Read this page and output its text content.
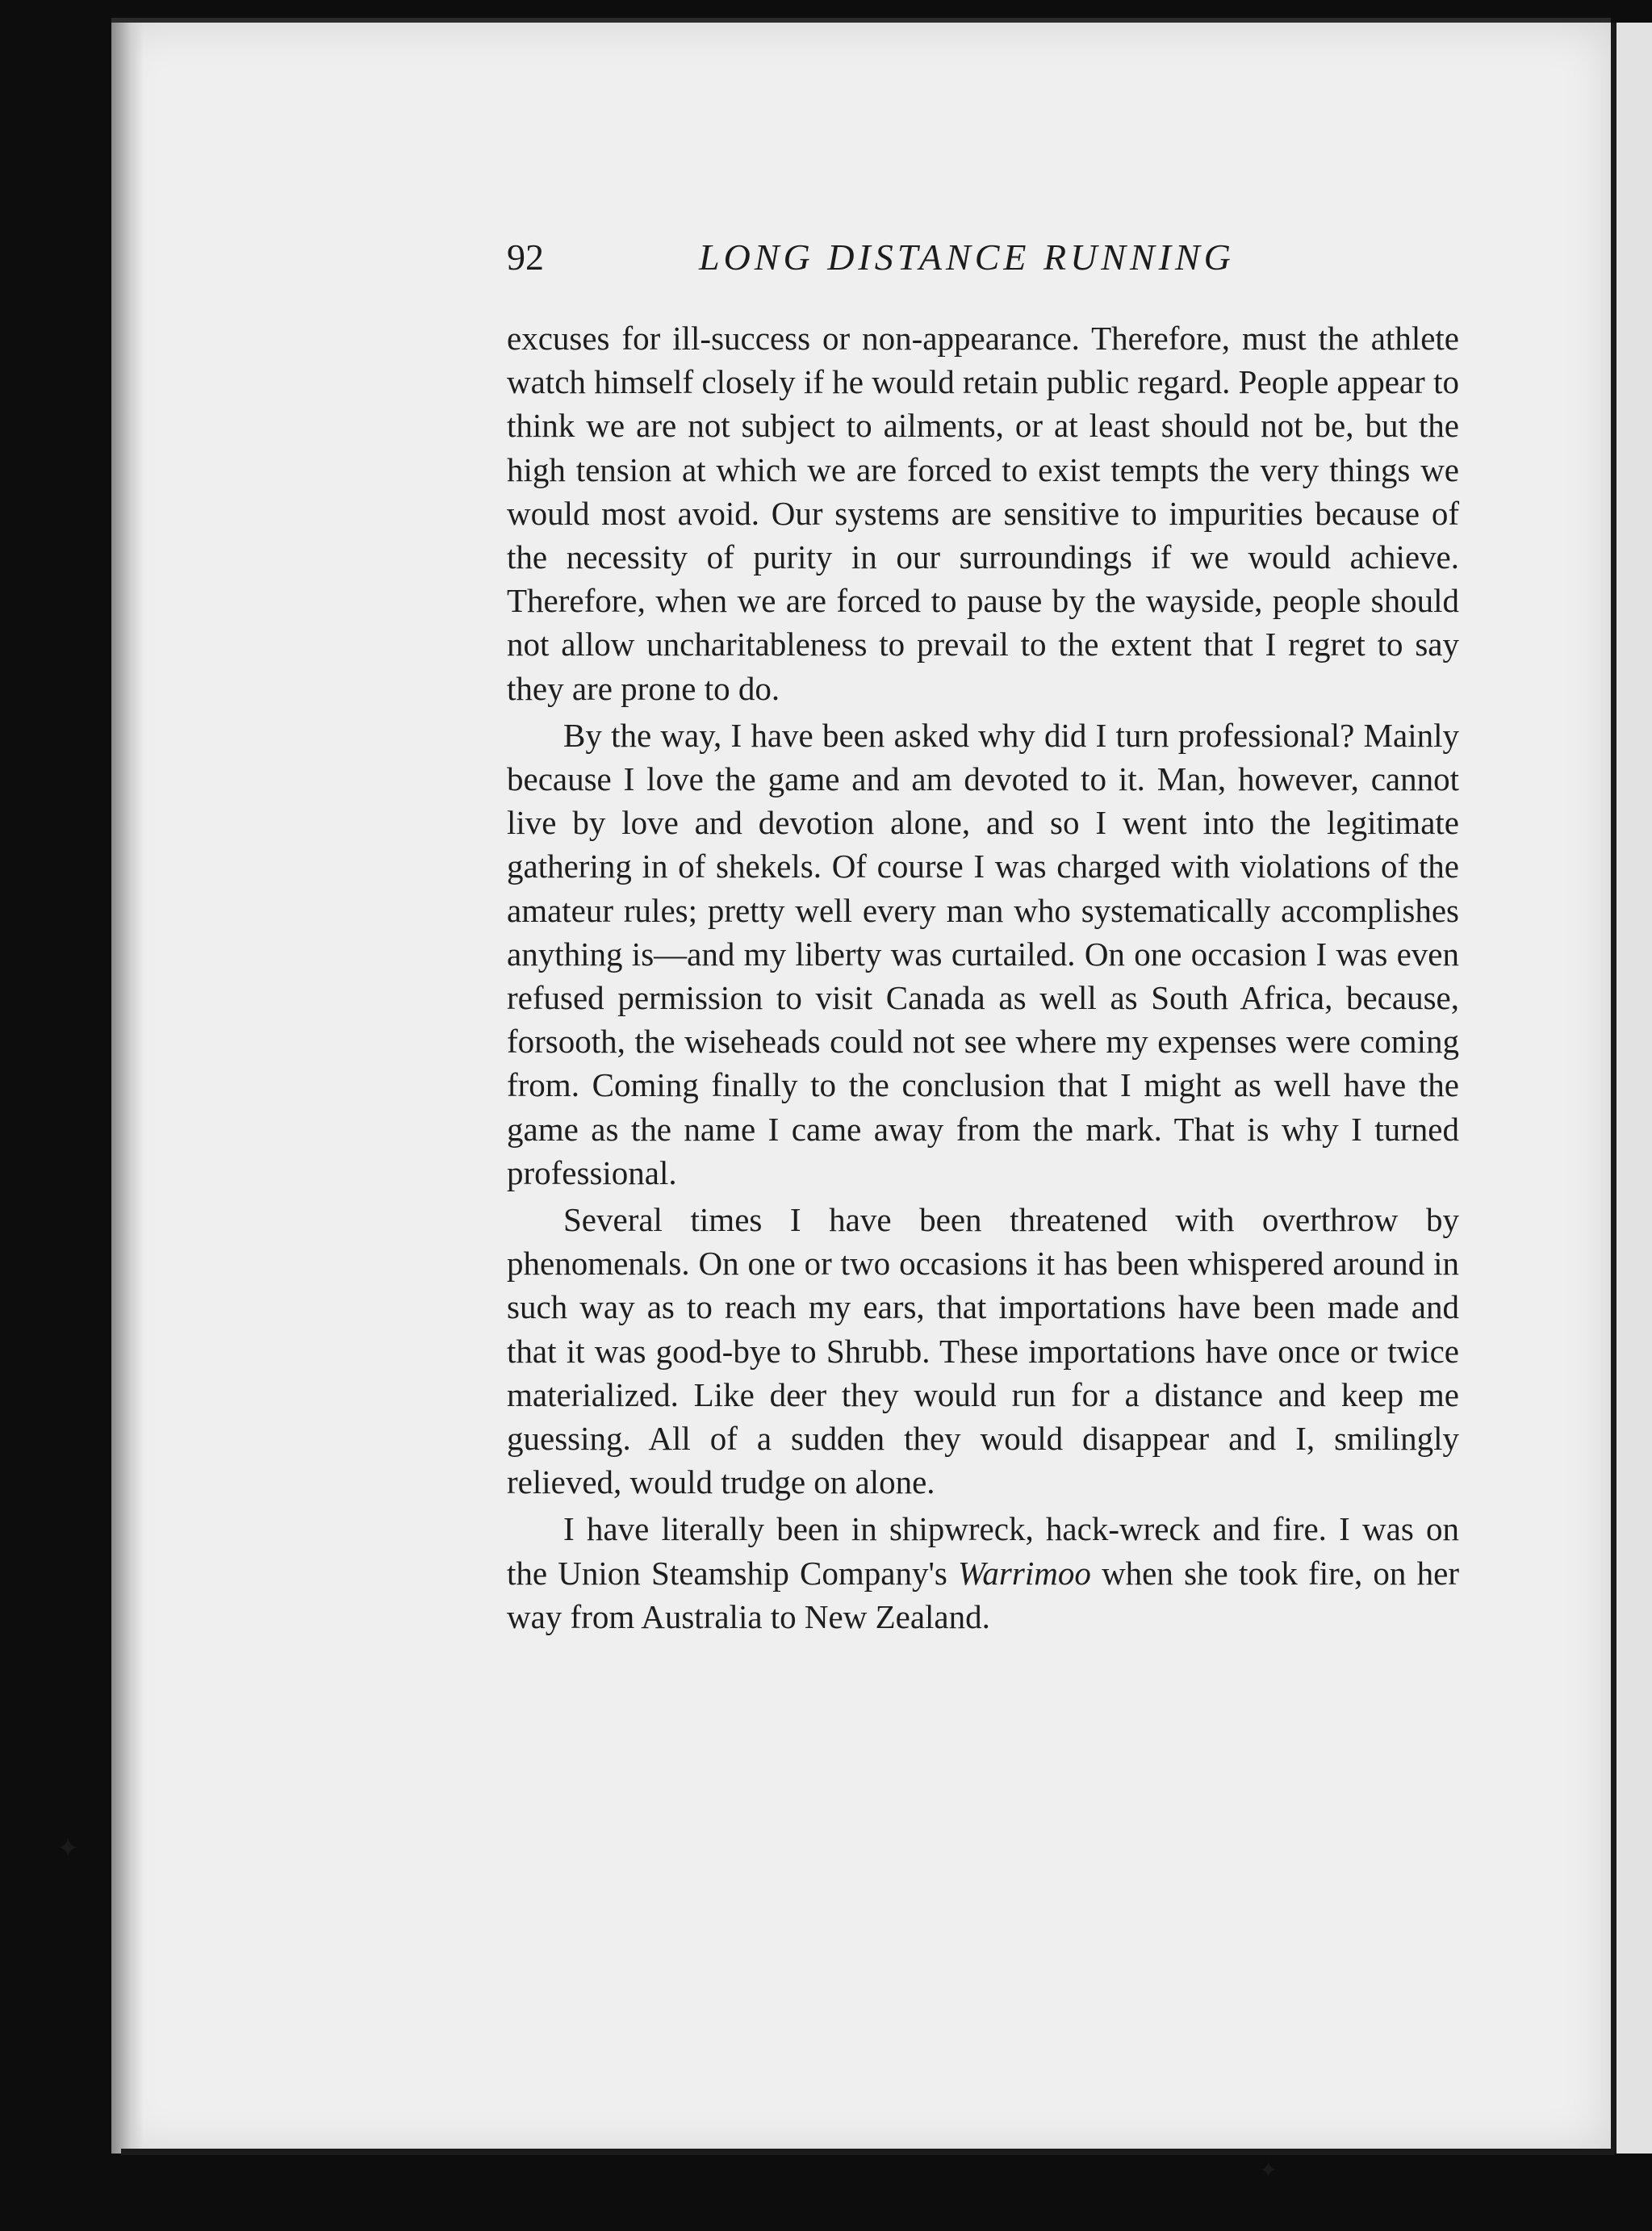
92	LONG DISTANCE RUNNING

excuses for ill-success or non-appearance. Therefore, must the athlete watch himself closely if he would retain public regard. People appear to think we are not subject to ailments, or at least should not be, but the high tension at which we are forced to exist tempts the very things we would most avoid. Our systems are sensitive to impurities because of the necessity of purity in our surroundings if we would achieve. Therefore, when we are forced to pause by the wayside, people should not allow uncharitableness to prevail to the extent that I regret to say they are prone to do.

By the way, I have been asked why did I turn professional? Mainly because I love the game and am devoted to it. Man, however, cannot live by love and devotion alone, and so I went into the legitimate gathering in of shekels. Of course I was charged with violations of the amateur rules; pretty well every man who systematically accomplishes anything is—and my liberty was curtailed. On one occasion I was even refused permission to visit Canada as well as South Africa, because, forsooth, the wiseheads could not see where my expenses were coming from. Coming finally to the conclusion that I might as well have the game as the name I came away from the mark. That is why I turned professional.

Several times I have been threatened with overthrow by phenomenals. On one or two occasions it has been whispered around in such way as to reach my ears, that importations have been made and that it was good-bye to Shrubb. These importations have once or twice materialized. Like deer they would run for a distance and keep me guessing. All of a sudden they would disappear and I, smilingly relieved, would trudge on alone.

I have literally been in shipwreck, hack-wreck and fire. I was on the Union Steamship Company's Warrimoo when she took fire, on her way from Australia to New Zealand.

✦
✦
